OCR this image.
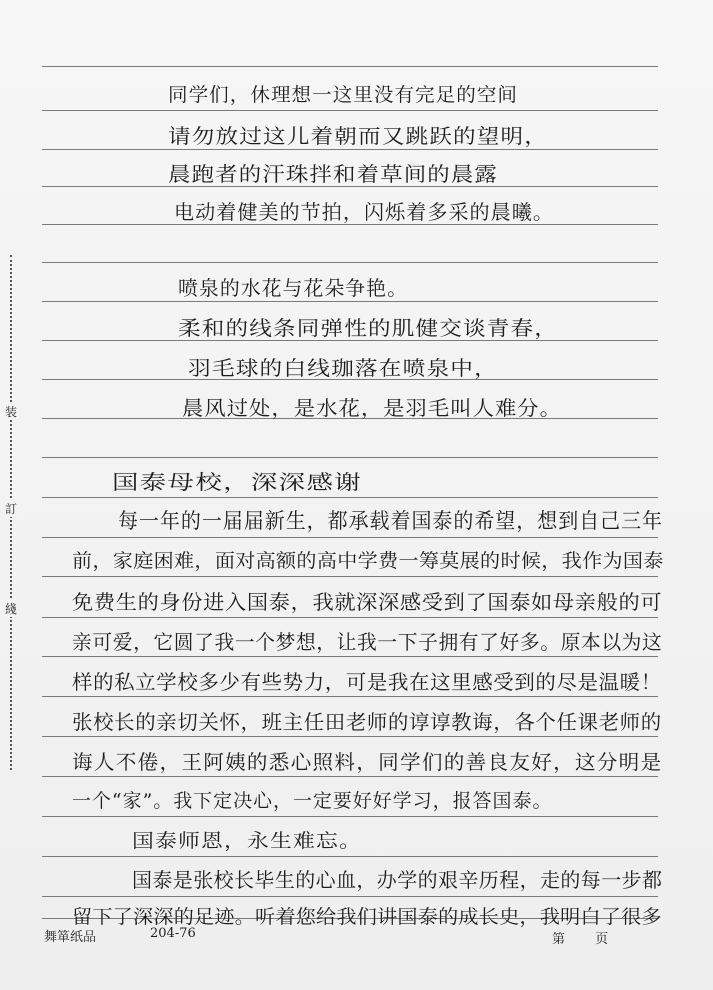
同学们，休理想一这里没有完足的空间
请勿放过这儿着朝而又跳跃的望明，
晨跑者的汗珠拌和着草间的晨露
电动着健美的节拍，闪烁着多采的晨曦。
喷泉的水花与花朵争艳。
柔和的线条同弹性的肌健交谈青春，
羽毛球的白线珈落在喷泉中，
晨风过处，是水花，是羽毛叫人难分。
国泰母校，深深感谢
每一年的一届届新生，都承载着国泰的希望，想到自己三年
前，家庭困难，面对高额的高中学费一筹莫展的时候，我作为国泰
免费生的身份进入国泰，我就深深感受到了国泰如母亲般的可
亲可爱，它圆了我一个梦想，让我一下子拥有了好多。原本以为这
样的私立学校多少有些势力，可是我在这里感受到的尽是温暖！
张校长的亲切关怀，班主任田老师的谆谆教诲，各个任课老师的
诲人不倦，王阿姨的悉心照料，同学们的善良友好，这分明是
一个“家”。我下定决心，一定要好好学习，报答国泰。
国泰师恩，永生难忘。
国泰是张校长毕生的心血，办学的艰辛历程，走的每一步都
留下了深深的足迹。听着您给我们讲国泰的成长史，我明白了很多
装
訂
綫
舞箪纸品	204-76	第 页
